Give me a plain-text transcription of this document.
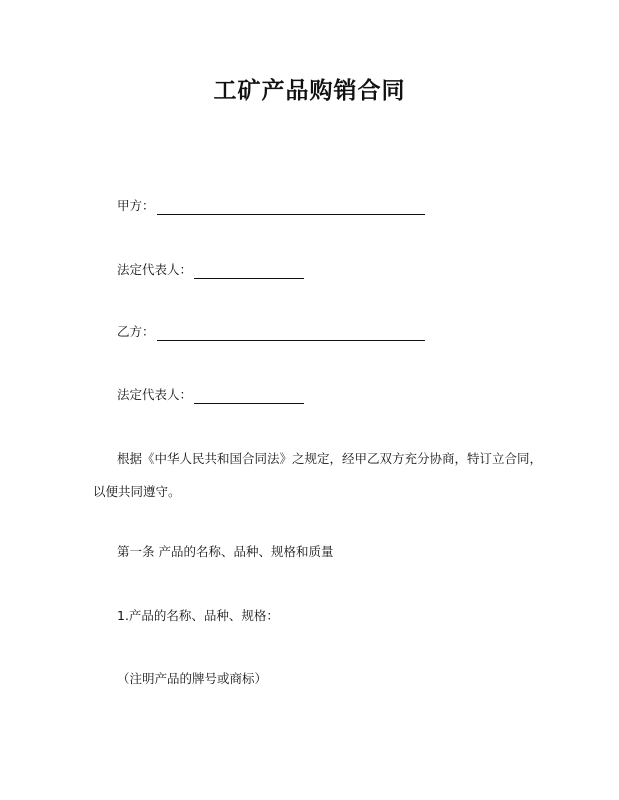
工矿产品购销合同
甲方：
法定代表人：
乙方：
法定代表人：
根据《中华人民共和国合同法》之规定，经甲乙双方充分协商，特订立合同，
以便共同遵守。
第一条 产品的名称、品种、规格和质量
1.产品的名称、品种、规格：
（注明产品的牌号或商标）
